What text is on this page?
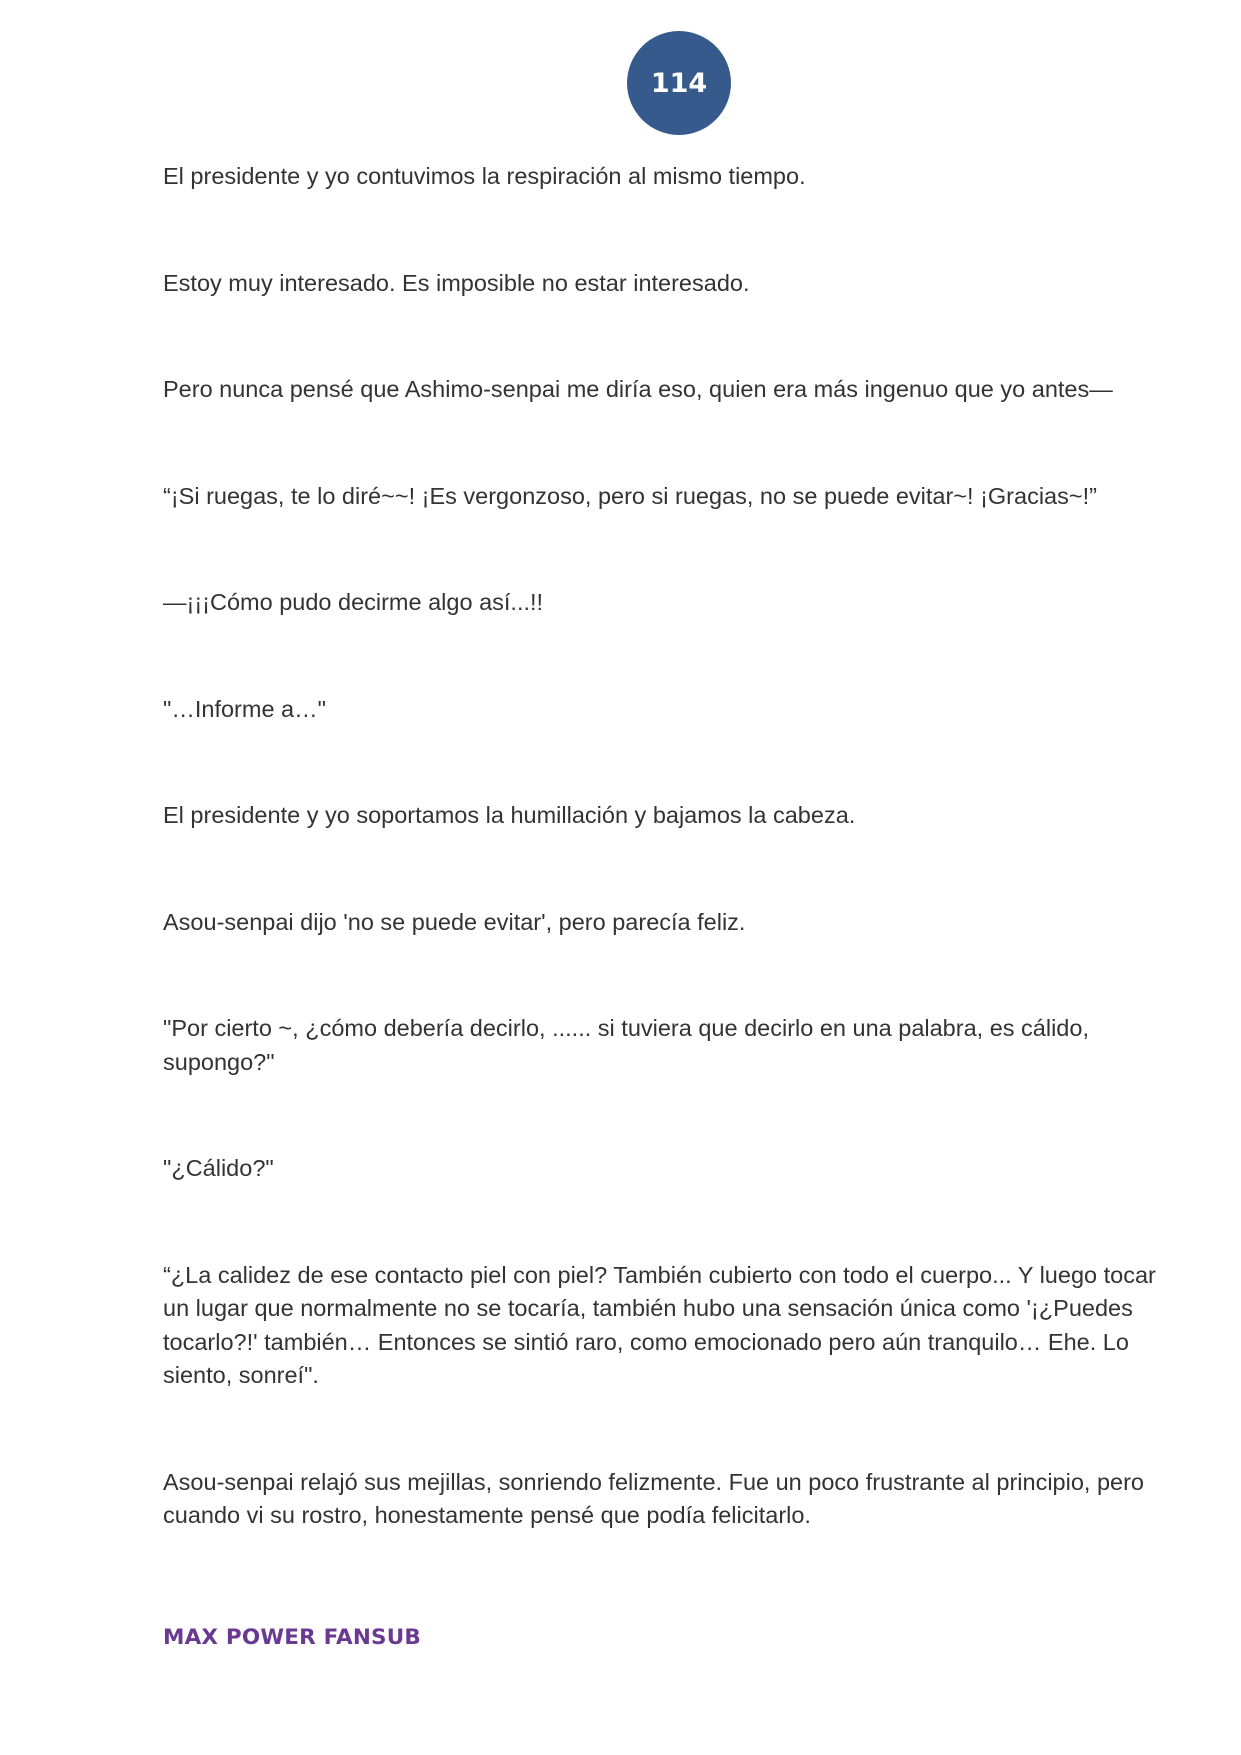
114

El presidente y yo contuvimos la respiración al mismo tiempo.

Estoy muy interesado. Es imposible no estar interesado.

Pero nunca pensé que Ashimo-senpai me diría eso, quien era más ingenuo que yo antes—

“¡Si ruegas, te lo diré~~! ¡Es vergonzoso, pero si ruegas, no se puede evitar~! ¡Gracias~!”

—¡¡¡Cómo pudo decirme algo así...!!

"…Informe a…"

El presidente y yo soportamos la humillación y bajamos la cabeza.

Asou-senpai dijo 'no se puede evitar', pero parecía feliz.

"Por cierto ~, ¿cómo debería decirlo, ...... si tuviera que decirlo en una palabra, es cálido, supongo?"

"¿Cálido?"

“¿La calidez de ese contacto piel con piel? También cubierto con todo el cuerpo... Y luego tocar un lugar que normalmente no se tocaría, también hubo una sensación única como '¡¿Puedes tocarlo?!' también… Entonces se sintió raro, como emocionado pero aún tranquilo… Ehe. Lo siento, sonreí".

Asou-senpai relajó sus mejillas, sonriendo felizmente. Fue un poco frustrante al principio, pero cuando vi su rostro, honestamente pensé que podía felicitarlo.

MAX POWER FANSUB
